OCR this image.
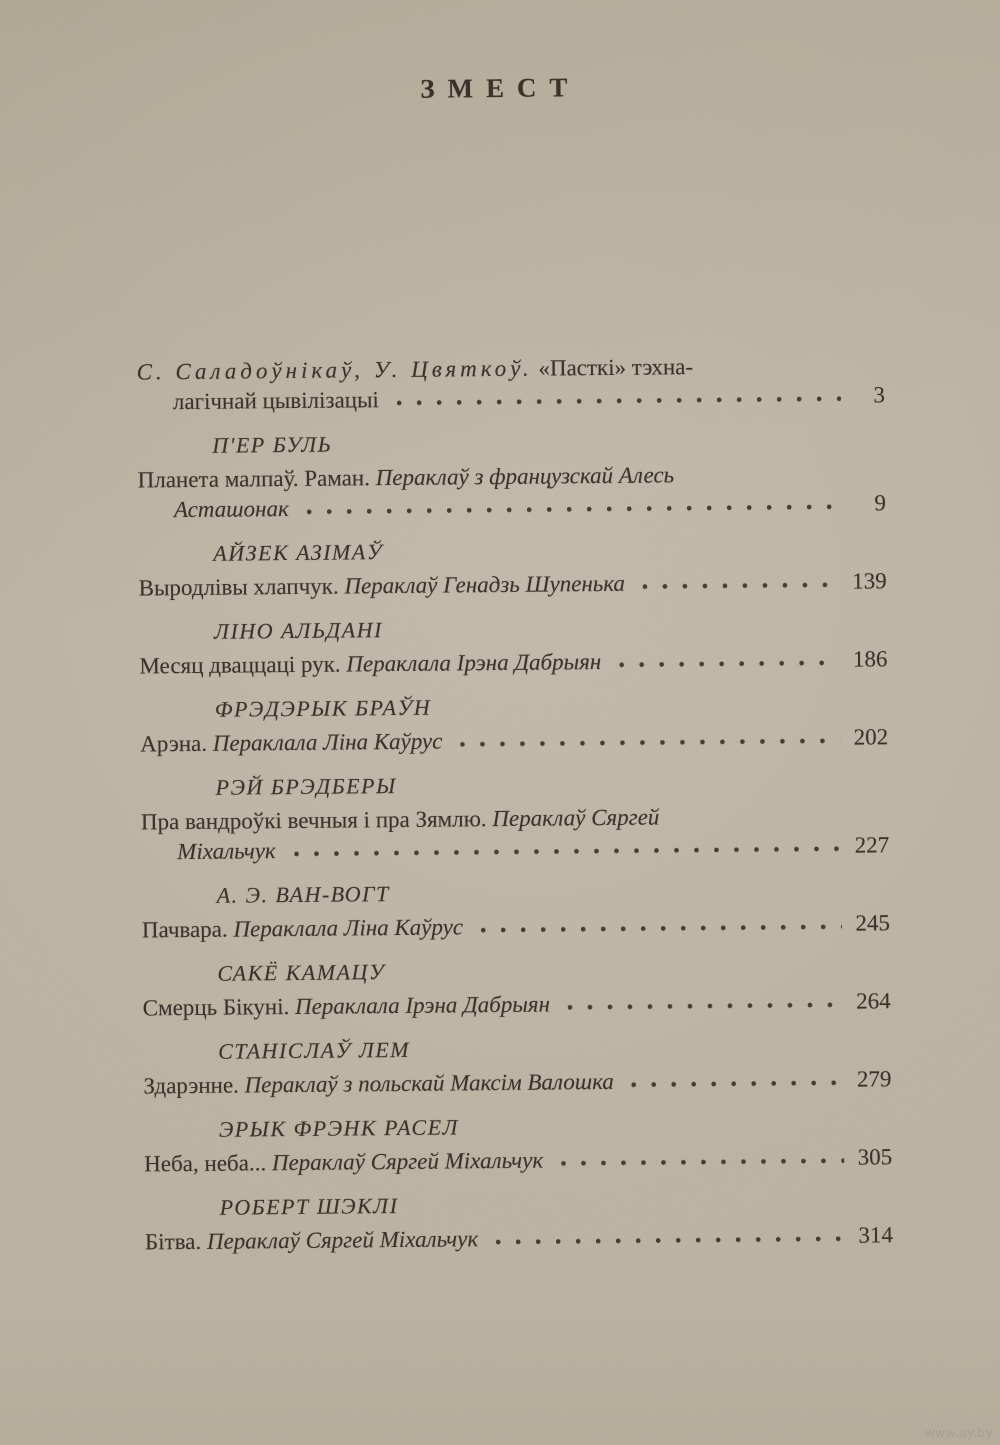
ЗМЕСТ
С. Саладоўнікаў, У. Цвяткоў. «Пасткі» тэхна-
лагічнай цывілізацыі	3
П'ЕР БУЛЬ
Планета малпаў. Раман. Пераклаў з французскай Алесь
Асташонак	9
АЙЗЕК АЗІМАЎ
Выродлівы хлапчук. Пераклаў Генадзь Шупенька	139
ЛІНО АЛЬДАНІ
Месяц дваццаці рук. Пераклала Ірэна Дабрыян	186
ФРЭДЭРЫК БРАЎН
Арэна. Пераклала Ліна Каўрус	202
РЭЙ БРЭДБЕРЫ
Пра вандроўкі вечныя і пра Зямлю. Пераклаў Сяргей
Міхальчук	227
А. Э. ВАН-ВОГТ
Пачвара. Пераклала Ліна Каўрус	245
САКЁ КАМАЦУ
Смерць Бікуні. Пераклала Ірэна Дабрыян	264
СТАНІСЛАЎ ЛЕМ
Здарэнне. Пераклаў з польскай Максім Валошка	279
ЭРЫК ФРЭНК РАСЕЛ
Неба, неба... Пераклаў Сяргей Міхальчук	305
РОБЕРТ ШЭКЛІ
Бітва. Пераклаў Сяргей Міхальчук	314
www.ay.by
